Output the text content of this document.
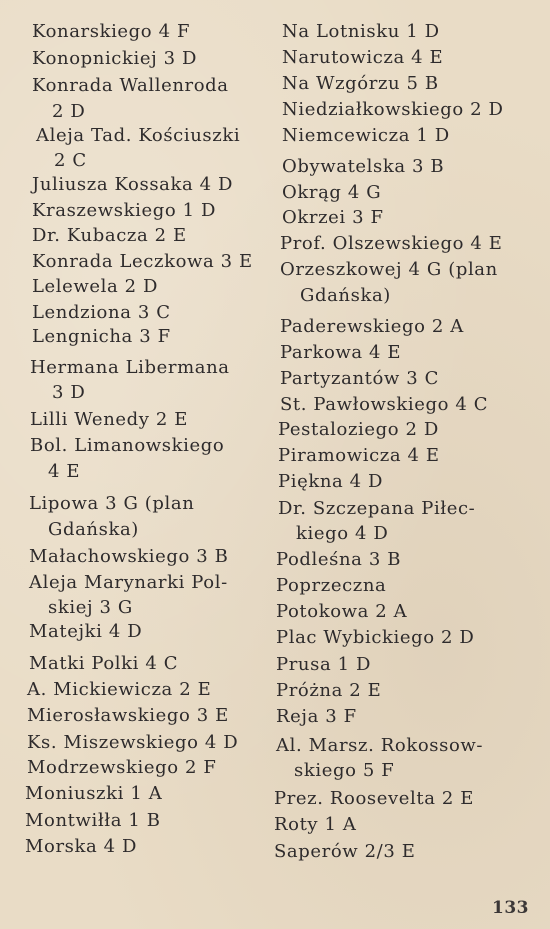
Konarskiego 4 F
Konopnickiej 3 D
Konrada Wallenroda
2 D
Aleja Tad. Kościuszki
2 C
Juliusza Kossaka 4 D
Kraszewskiego 1 D
Dr. Kubacza 2 E
Konrada Leczkowa 3 E
Lelewela 2 D
Lendziona 3 C
Lengnicha 3 F
Hermana Libermana
3 D
Lilli Wenedy 2 E
Bol. Limanowskiego
4 E
Lipowa 3 G (plan
Gdańska)
Małachowskiego 3 B
Aleja Marynarki Pol-
skiej 3 G
Matejki 4 D
Matki Polki 4 C
A. Mickiewicza 2 E
Mierosławskiego 3 E
Ks. Miszewskiego 4 D
Modrzewskiego 2 F
Moniuszki 1 A
Montwiłła 1 B
Morska 4 D
Na Lotnisku 1 D
Narutowicza 4 E
Na Wzgórzu 5 B
Niedziałkowskiego 2 D
Niemcewicza 1 D
Obywatelska 3 B
Okrąg 4 G
Okrzei 3 F
Prof. Olszewskiego 4 E
Orzeszkowej 4 G (plan
Gdańska)
Paderewskiego 2 A
Parkowa 4 E
Partyzantów 3 C
St. Pawłowskiego 4 C
Pestaloziego 2 D
Piramowicza 4 E
Piękna 4 D
Dr. Szczepana Piłec-
kiego 4 D
Podleśna 3 B
Poprzeczna
Potokowa 2 A
Plac Wybickiego 2 D
Prusa 1 D
Próżna 2 E
Reja 3 F
Al. Marsz. Rokossow-
skiego 5 F
Prez. Roosevelta 2 E
Roty 1 A
Saperów 2/3 E
133
